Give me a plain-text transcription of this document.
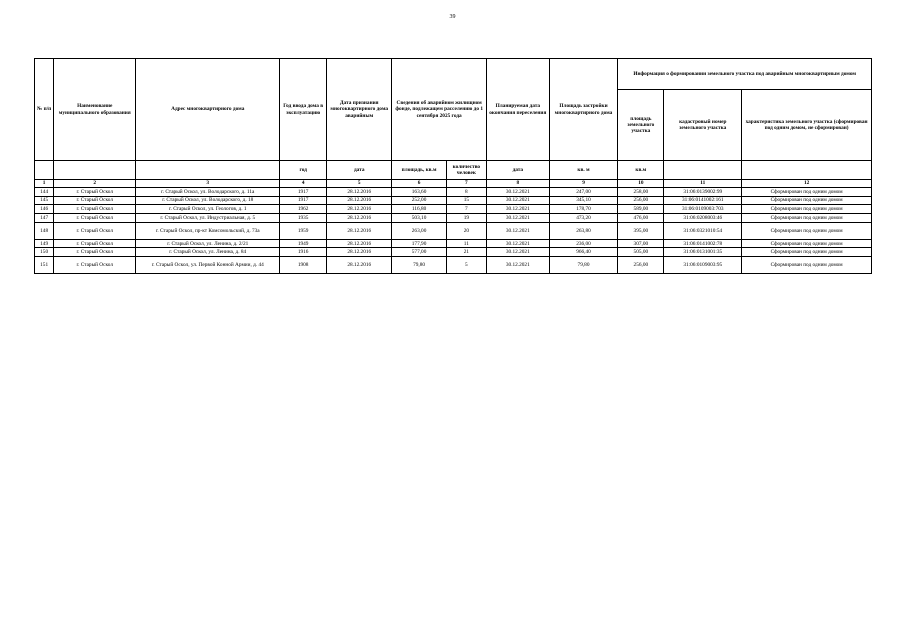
39
№ п/п	Наименование муниципального образования	Адрес многоквартирного дома	Год ввода дома в эксплуатацию	Дата признания многоквартирного дома аварийным	Сведения об аварийном жилищном фонде, подлежащем расселению до 1 сентября 2025 года		Планируемая дата окончания переселения	Площадь застройки многоквартирного дома	Информация о формировании земельного участка под аварийным многоквартирным домом		
									площадь земельного участка	кадастровый номер земельного участка	характеристика земельного участка (сформирован под одним домом, не сформирован)
			год	дата	площадь, кв.м	количество человек	дата	кв. м	кв.м		
1	2	3	4	5	6	7	8	9	10	11	12
144	г. Старый Оскол	г. Старый Оскол, ул. Володарского, д. 11а	1917	28.12.2016	163,60	8	30.12.2021	247,00	258,00	31:06:0139002:99	Сформирован под одним домом
145	г. Старый Оскол	г. Старый Оскол, ул. Володарского, д. 18	1917	28.12.2016	252,00	15	30.12.2021	345,10	256,00	31:06:0141002:161	Сформирован под одним домом
146	г. Старый Оскол	г. Старый Оскол, ул. Геологов, д. 1	1962	28.12.2016	116,80	7	30.12.2021	178,70	589,00	31:06:0109003:703	Сформирован под одним домом
147	г. Старый Оскол	г. Старый Оскол, ул. Индустриальная, д. 5	1935	28.12.2016	503,10	19	30.12.2021	473,20	476,00	31:06:0208003:46	Сформирован под одним домом
148	г. Старый Оскол	г. Старый Оскол, пр-кт Комсомольский, д. 73а	1959	28.12.2016	263,00	20	30.12.2021	263,80	395,00	31:06:0321010:54	Сформирован под одним домом
149	г. Старый Оскол	г. Старый Оскол, ул. Ленина, д. 2/21	1949	28.12.2016	177,90	11	30.12.2021	236,00	307,00	31:06:0141002:78	Сформирован под одним домом
150	г. Старый Оскол	г. Старый Оскол, ул. Ленина, д. 84	1916	28.12.2016	577,00	21	30.12.2021	966,40	505,00	31:06:0131001:35	Сформирован под одним домом
151	г. Старый Оскол	г. Старый Оскол, ул. Первой Конной Армии, д. 44	1908	28.12.2016	79,80	5	30.12.2021	79,80	256,00	31:06:0109003:95	Сформирован под одним домом
